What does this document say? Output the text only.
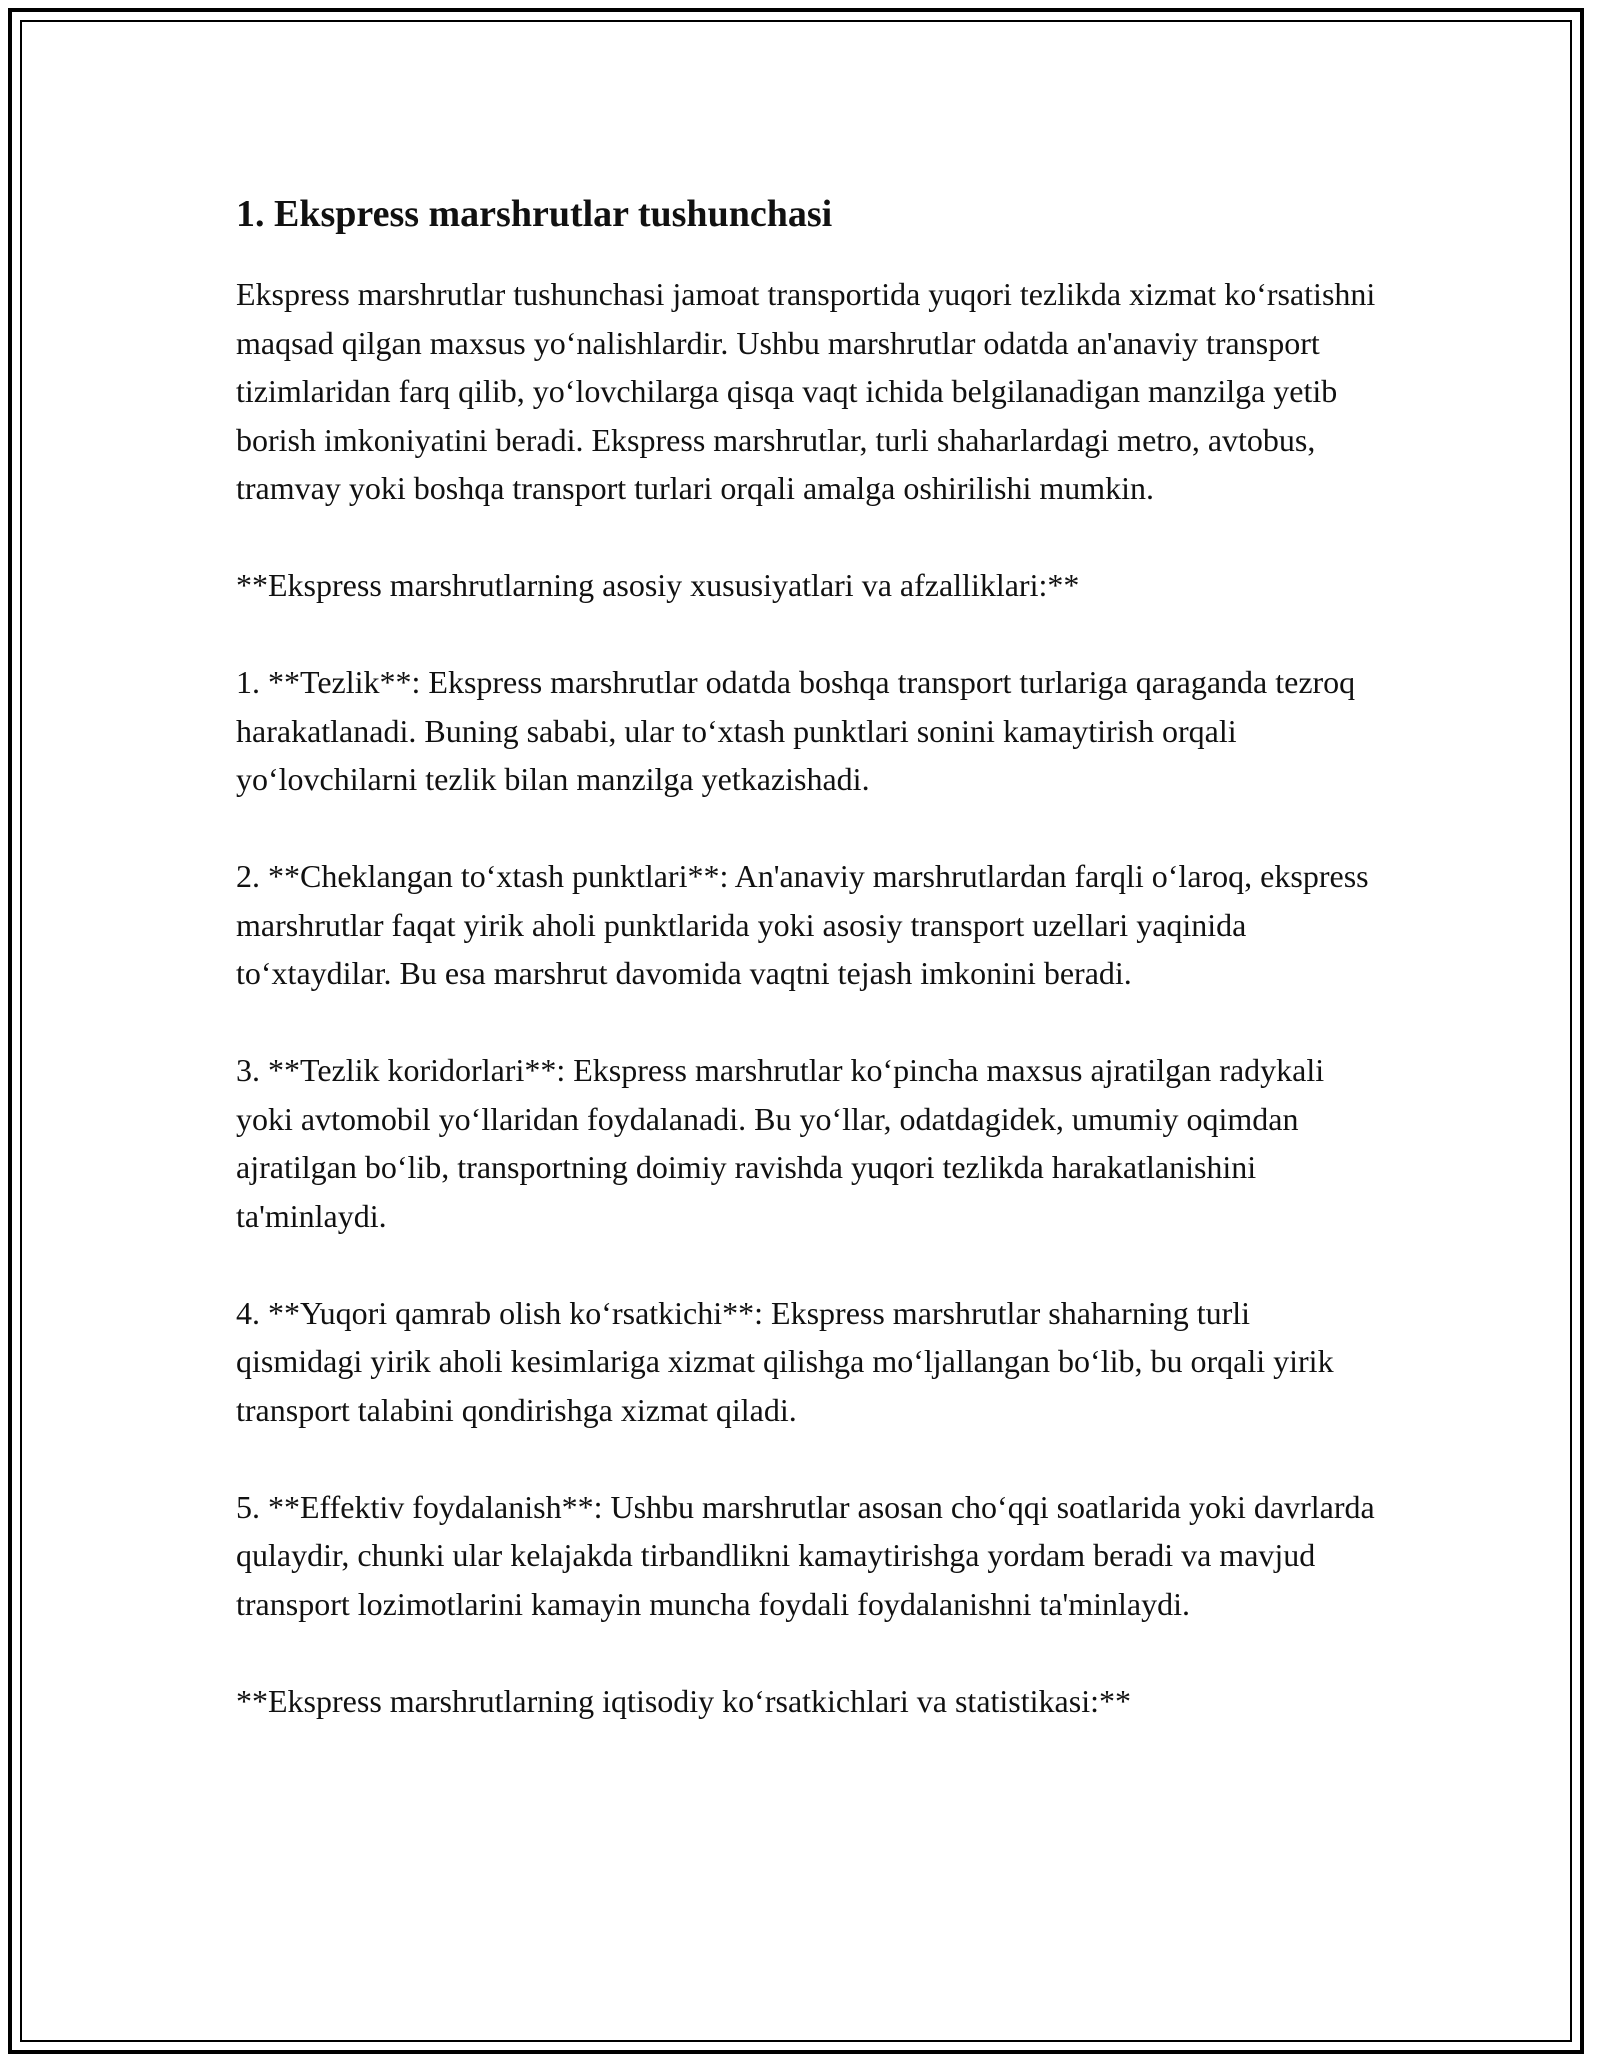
1. Ekspress marshrutlar tushunchasi

Ekspress marshrutlar tushunchasi jamoat transportida yuqori tezlikda xizmat ko‘rsatishni maqsad qilgan maxsus yo‘nalishlardir. Ushbu marshrutlar odatda an'anaviy transport tizimlaridan farq qilib, yo‘lovchilarga qisqa vaqt ichida belgilanadigan manzilga yetib borish imkoniyatini beradi. Ekspress marshrutlar, turli shaharlardagi metro, avtobus, tramvay yoki boshqa transport turlari orqali amalga oshirilishi mumkin.

**Ekspress marshrutlarning asosiy xususiyatlari va afzalliklari:**

1. **Tezlik**: Ekspress marshrutlar odatda boshqa transport turlariga qaraganda tezroq harakatlanadi. Buning sababi, ular to‘xtash punktlari sonini kamaytirish orqali yo‘lovchilarni tezlik bilan manzilga yetkazishadi.

2. **Cheklangan to‘xtash punktlari**: An'anaviy marshrutlardan farqli o‘laroq, ekspress marshrutlar faqat yirik aholi punktlarida yoki asosiy transport uzellari yaqinida to‘xtaydilar. Bu esa marshrut davomida vaqtni tejash imkonini beradi.

3. **Tezlik koridorlari**: Ekspress marshrutlar ko‘pincha maxsus ajratilgan radykali yoki avtomobil yo‘llaridan foydalanadi. Bu yo‘llar, odatdagidek, umumiy oqimdan ajratilgan bo‘lib, transportning doimiy ravishda yuqori tezlikda harakatlanishini ta'minlaydi.

4. **Yuqori qamrab olish ko‘rsatkichi**: Ekspress marshrutlar shaharning turli qismidagi yirik aholi kesimlariga xizmat qilishga mo‘ljallangan bo‘lib, bu orqali yirik transport talabini qondirishga xizmat qiladi.

5. **Effektiv foydalanish**: Ushbu marshrutlar asosan cho‘qqi soatlarida yoki davrlarda qulaydir, chunki ular kelajakda tirbandlikni kamaytirishga yordam beradi va mavjud transport lozimotlarini kamayin muncha foydali foydalanishni ta'minlaydi.

**Ekspress marshrutlarning iqtisodiy ko‘rsatkichlari va statistikasi:**
